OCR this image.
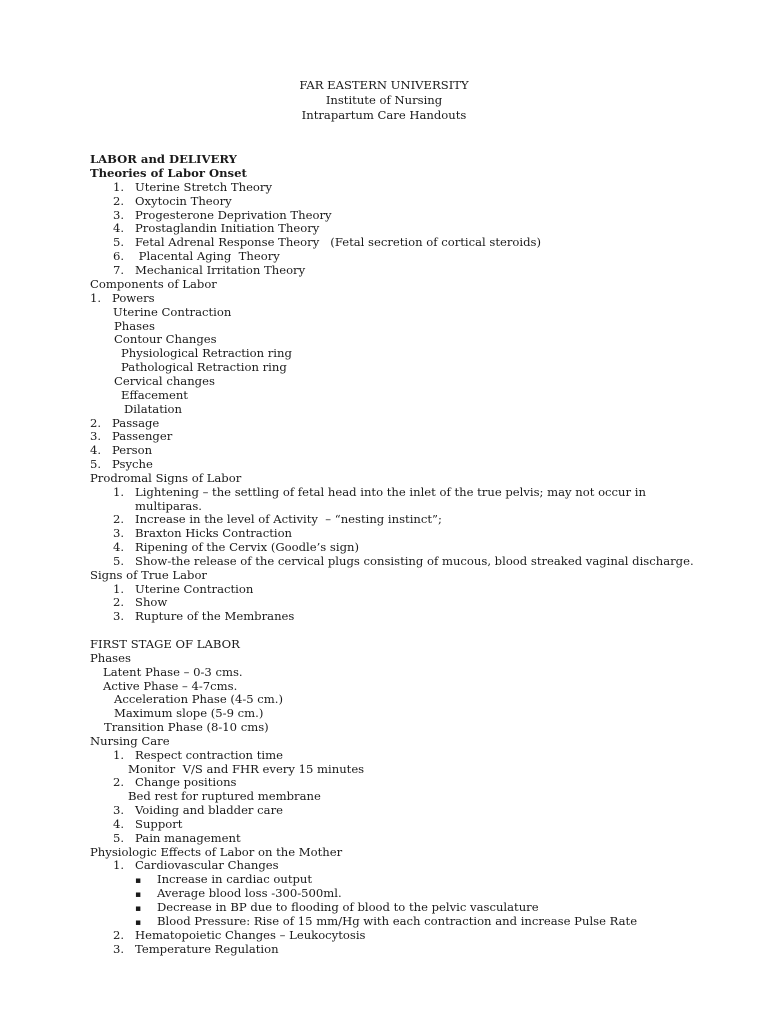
FAR EASTERN UNIVERSITY
Institute of Nursing
Intrapartum Care Handouts
LABOR and DELIVERY
Theories of Labor Onset
1. Uterine Stretch Theory
2. Oxytocin Theory
3. Progesterone Deprivation Theory
4. Prostaglandin Initiation Theory
5. Fetal Adrenal Response Theory   (Fetal secretion of cortical steroids)
6. Placental Aging  Theory
7. Mechanical Irritation Theory
Components of Labor
1. Powers
Uterine Contraction
Phases
Contour Changes
Physiological Retraction ring
Pathological Retraction ring
Cervical changes
Effacement
Dilatation
2. Passage
3. Passenger
4. Person
5. Psyche
Prodromal Signs of Labor
1. Lightening – the settling of fetal head into the inlet of the true pelvis; may not occur in
multiparas.
2. Increase in the level of Activity  – “nesting instinct”;
3. Braxton Hicks Contraction
4. Ripening of the Cervix (Goodle’s sign)
5. Show-the release of the cervical plugs consisting of mucous, blood streaked vaginal discharge.
Signs of True Labor
1. Uterine Contraction
2. Show
3. Rupture of the Membranes
FIRST STAGE OF LABOR
Phases
Latent Phase – 0-3 cms.
Active Phase – 4-7cms.
Acceleration Phase (4-5 cm.)
Maximum slope (5-9 cm.)
Transition Phase (8-10 cms)
Nursing Care
1. Respect contraction time
Monitor  V/S and FHR every 15 minutes
2. Change positions
Bed rest for ruptured membrane
3. Voiding and bladder care
4. Support
5. Pain management
Physiologic Effects of Labor on the Mother
1. Cardiovascular Changes
▪ Increase in cardiac output
▪ Average blood loss -300-500ml.
▪ Decrease in BP due to flooding of blood to the pelvic vasculature
▪ Blood Pressure: Rise of 15 mm/Hg with each contraction and increase Pulse Rate
2. Hematopoietic Changes – Leukocytosis
3. Temperature Regulation
